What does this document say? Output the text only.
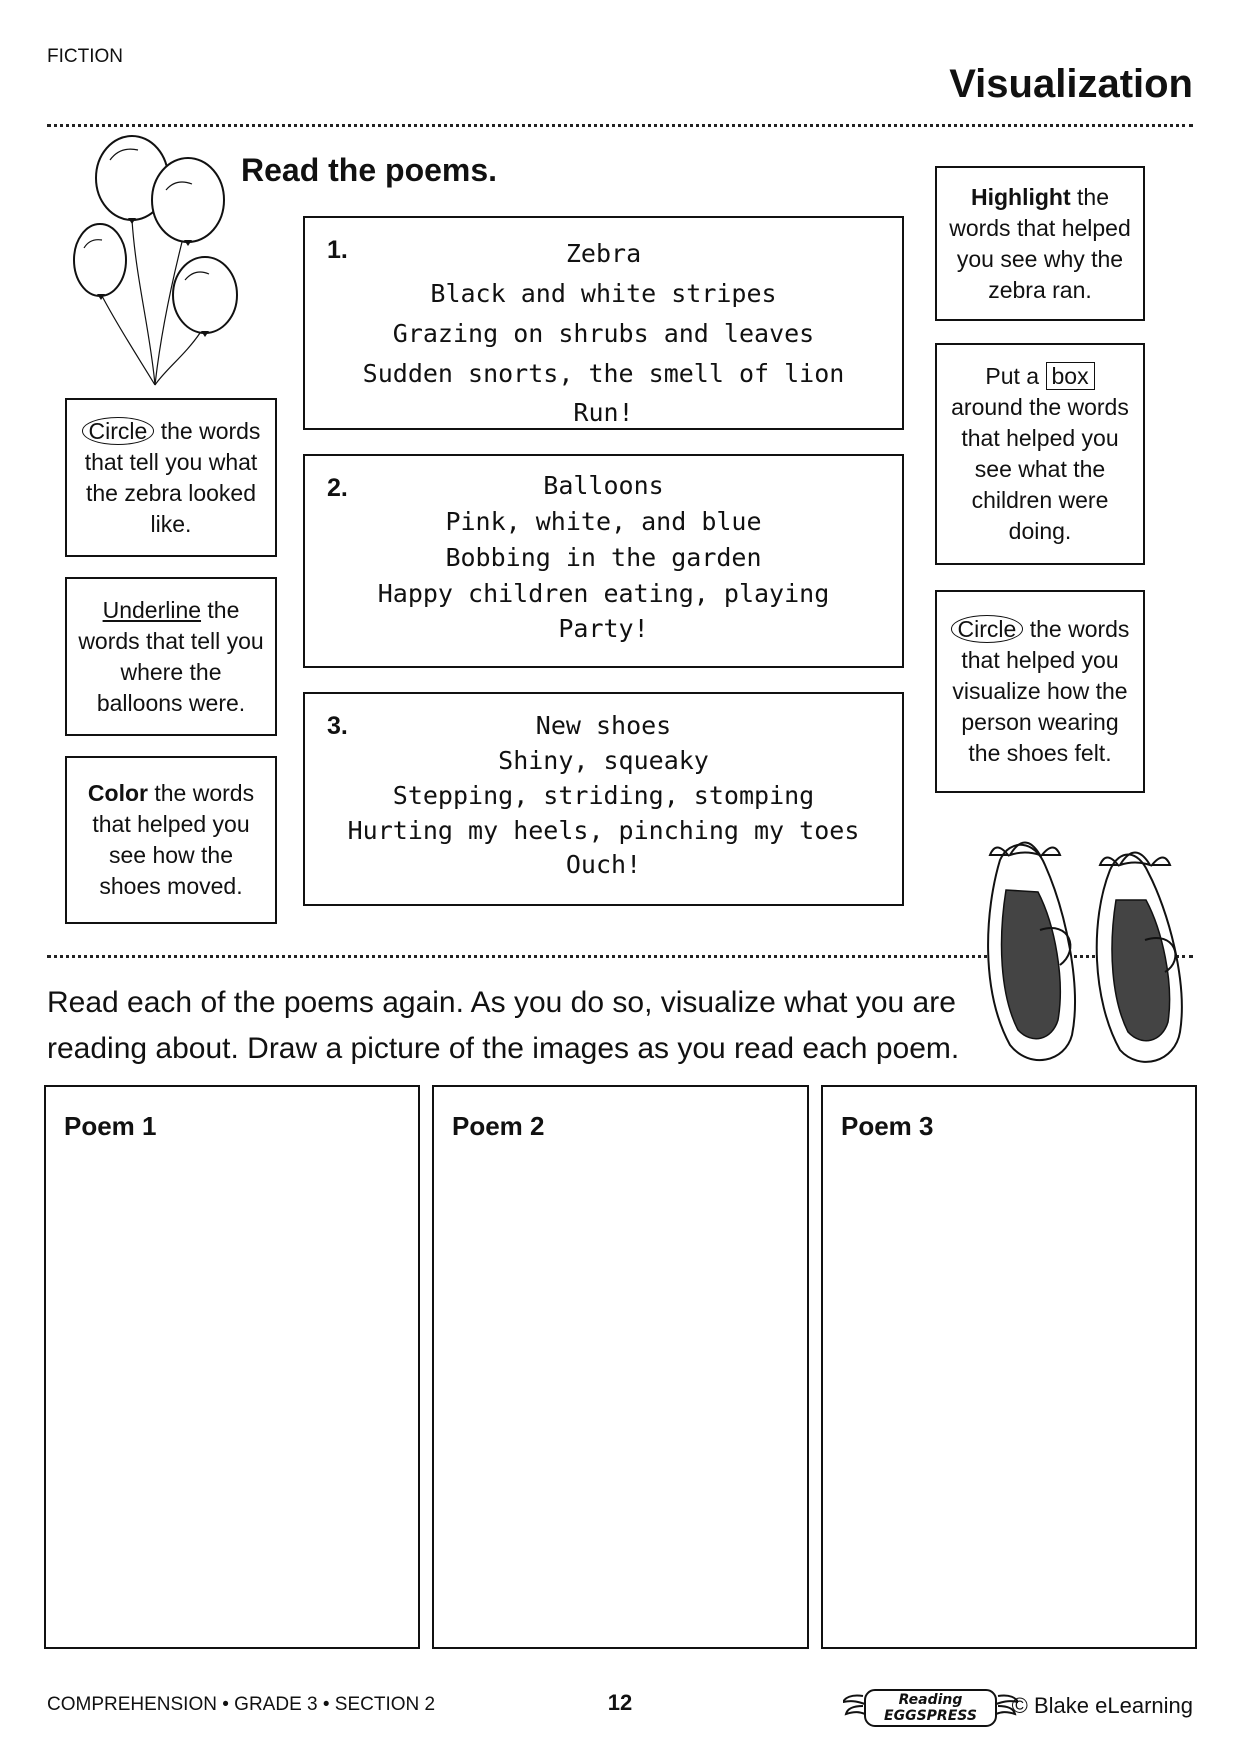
FICTION
Visualization
Read the poems.
Circle the words that tell you what the zebra looked like.
Underline the words that tell you where the balloons were.
Color the words that helped you see how the shoes moved.
1.	Zebra
Black and white stripes
Grazing on shrubs and leaves
Sudden snorts, the smell of lion
Run!
2.	Balloons
Pink, white, and blue
Bobbing in the garden
Happy children eating, playing
Party!
3.	New shoes
Shiny, squeaky
Stepping, striding, stomping
Hurting my heels, pinching my toes
Ouch!
Highlight the words that helped you see why the zebra ran.
Put a box around the words that helped you see what the children were doing.
Circle the words that helped you visualize how the person wearing the shoes felt.
Read each of the poems again. As you do so, visualize what you are reading about. Draw a picture of the images as you read each poem.
Poem 1	Poem 2	Poem 3
COMPREHENSION • GRADE 3 • SECTION 2	12	Reading
EGGSPRESS	© Blake eLearning
